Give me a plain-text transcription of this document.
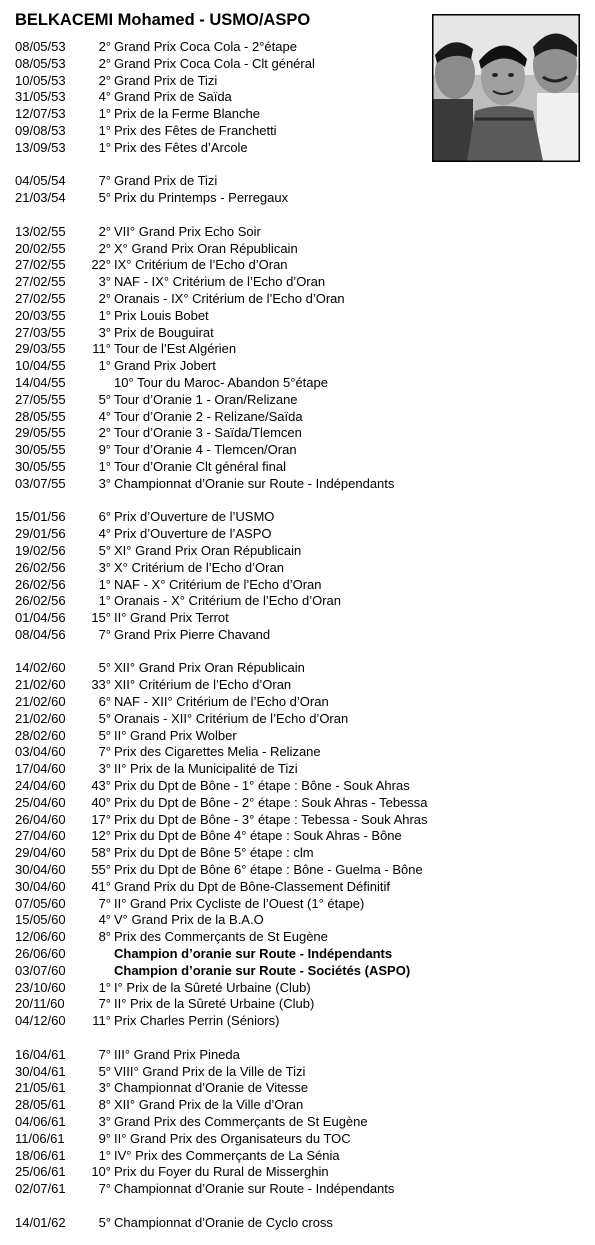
BELKACEMI Mohamed - USMO/ASPO
08/05/53	2° Grand Prix Coca Cola - 2°étape
08/05/53	2° Grand Prix Coca Cola - Clt général
10/05/53	2° Grand Prix de Tizi
31/05/53	4° Grand Prix de Saïda
12/07/53	1° Prix de la Ferme Blanche
09/08/53	1° Prix des Fêtes de Franchetti
13/09/53	1° Prix des Fêtes d’Arcole
04/05/54	7° Grand Prix de Tizi
21/03/54	5° Prix du Printemps - Perregaux
13/02/55	2° VII° Grand Prix Echo Soir
20/02/55	2° X° Grand Prix Oran Républicain
27/02/55	22° IX° Critérium de l’Echo d’Oran
27/02/55	3° NAF - IX° Critérium de l’Echo d’Oran
27/02/55	2° Oranais - IX° Critérium de l’Echo d’Oran
20/03/55	1° Prix Louis Bobet
27/03/55	3° Prix de Bouguirat
29/03/55	11° Tour de l’Est Algérien
10/04/55	1° Grand Prix Jobert
14/04/55	10° Tour du Maroc- Abandon 5°étape
27/05/55	5° Tour d’Oranie 1 - Oran/Relizane
28/05/55	4° Tour d’Oranie 2 - Relizane/Saïda
29/05/55	2° Tour d’Oranie 3 - Saïda/Tlemcen
30/05/55	9° Tour d’Oranie 4 - Tlemcen/Oran
30/05/55	1° Tour d’Oranie Clt général final
03/07/55	3° Championnat d’Oranie sur Route - Indépendants
15/01/56	6° Prix d’Ouverture de l’USMO
29/01/56	4° Prix d’Ouverture de l’ASPO
19/02/56	5° XI° Grand Prix Oran Républicain
26/02/56	3° X° Critérium de l’Echo d’Oran
26/02/56	1° NAF - X° Critérium de l’Echo d’Oran
26/02/56	1° Oranais - X° Critérium de l’Echo d’Oran
01/04/56	15° II° Grand Prix Terrot
08/04/56	7° Grand Prix Pierre Chavand
14/02/60	5° XII° Grand Prix Oran Républicain
21/02/60	33° XII° Critérium de l’Echo d’Oran
21/02/60	6° NAF - XII° Critérium de l’Echo d’Oran
21/02/60	5° Oranais - XII° Critérium de l’Echo d’Oran
28/02/60	5° II° Grand Prix Wolber
03/04/60	7° Prix des Cigarettes Melia - Relizane
17/04/60	3° II° Prix de la Municipalité de Tizi
24/04/60	43° Prix du Dpt de Bône - 1° étape : Bône - Souk Ahras
25/04/60	40° Prix du Dpt de Bône - 2° étape : Souk Ahras - Tebessa
26/04/60	17° Prix du Dpt de Bône - 3° étape : Tebessa - Souk Ahras
27/04/60	12° Prix du Dpt de Bône 4° étape : Souk Ahras - Bône
29/04/60	58° Prix du Dpt de Bône 5° étape : clm
30/04/60	55° Prix du Dpt de Bône 6° étape : Bône - Guelma - Bône
30/04/60	41° Grand Prix du Dpt de Bône-Classement Définitif
07/05/60	7° II° Grand Prix Cycliste de l’Ouest (1° étape)
15/05/60	4° V° Grand Prix de la B.A.O
12/06/60	8° Prix des Commerçants de St Eugène
26/06/60	Champion d’oranie sur Route - Indépendants
03/07/60	Champion d’oranie sur Route - Sociétés (ASPO)
23/10/60	1° I° Prix de la Sûreté Urbaine (Club)
20/11/60	7° II° Prix de la Sûreté Urbaine (Club)
04/12/60	11° Prix Charles Perrin (Séniors)
16/04/61	7° III° Grand Prix Pineda
30/04/61	5° VIII° Grand Prix de la Ville de Tizi
21/05/61	3° Championnat d’Oranie de Vitesse
28/05/61	8° XII° Grand Prix de la Ville d’Oran
04/06/61	3° Grand Prix des Commerçants de St Eugène
11/06/61	9° II° Grand Prix des Organisateurs du TOC
18/06/61	1° IV° Prix des Commerçants de La Sénia
25/06/61	10° Prix du Foyer du Rural de Misserghin
02/07/61	7° Championnat d’Oranie sur Route - Indépendants
14/01/62	5° Championnat d’Oranie de Cyclo cross
